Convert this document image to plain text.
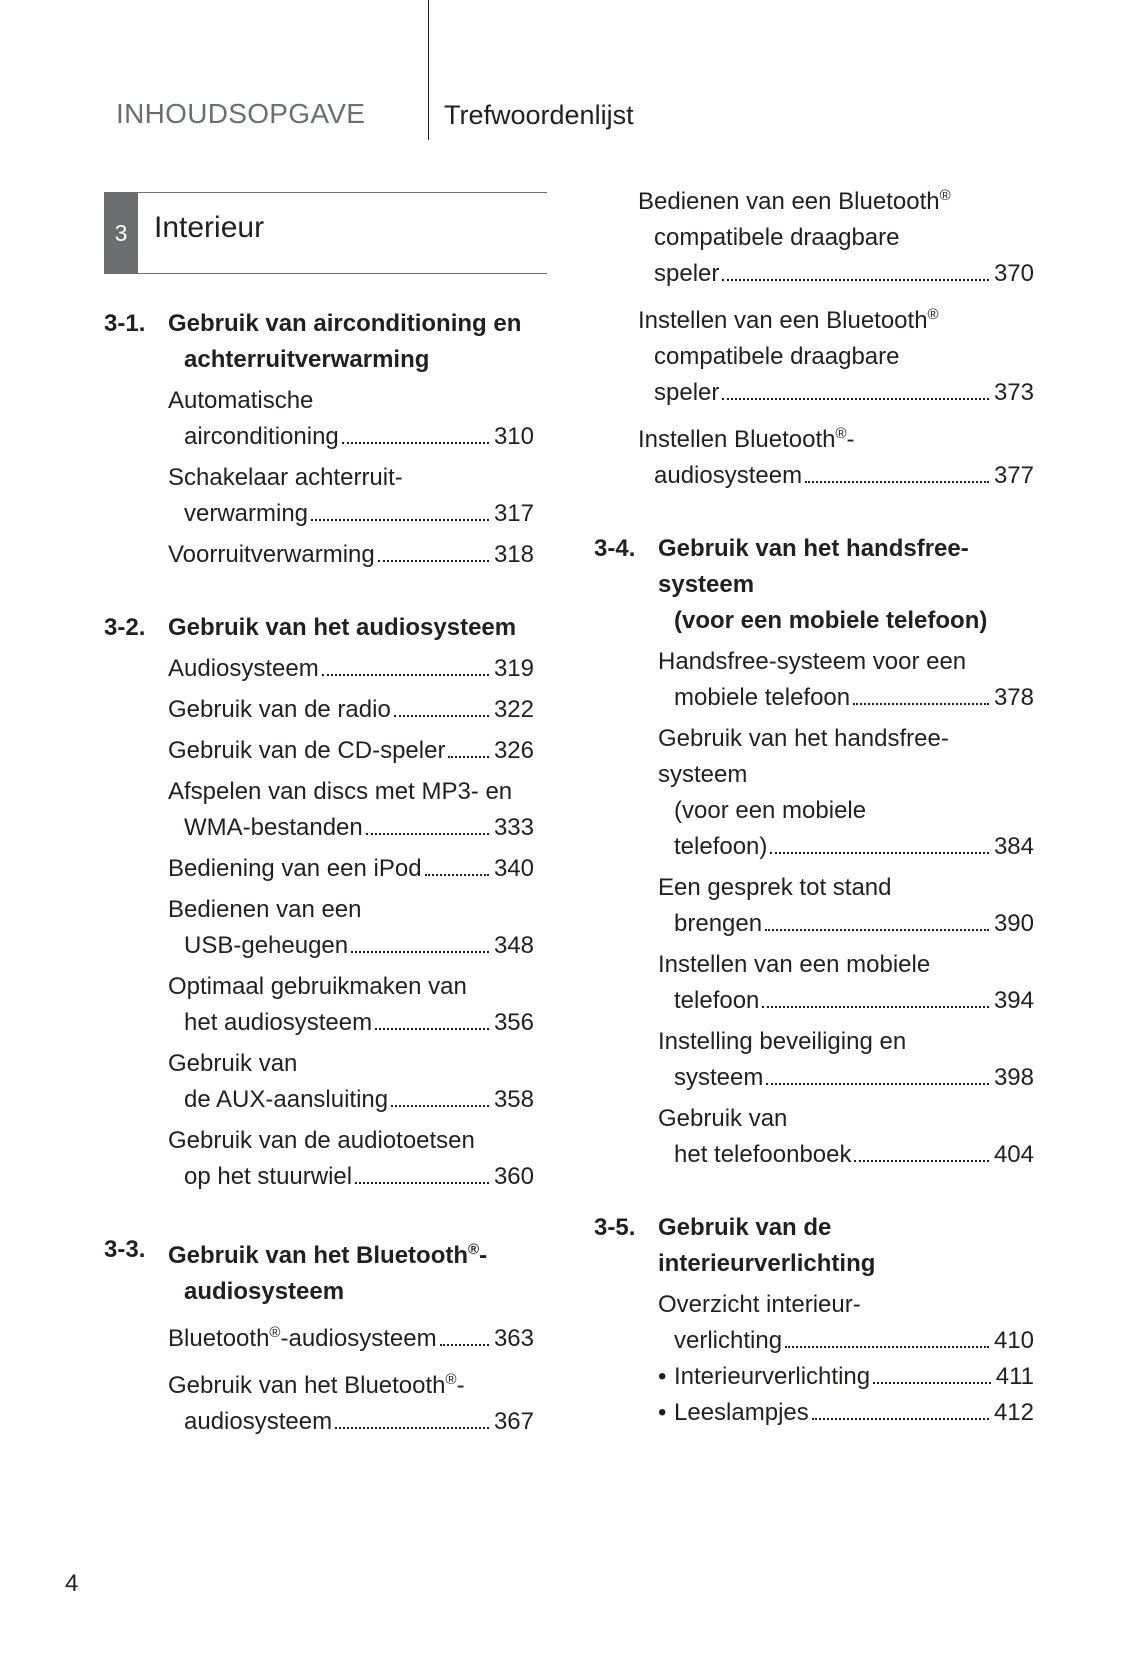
INHOUDSOPGAVE	Trefwoordenlijst
3 Interieur
3-1. Gebruik van airconditioning en
achterruitverwarming
Automatische
airconditioning	310
Schakelaar achterruit-
verwarming	317
Voorruitverwarming	318
3-2. Gebruik van het audiosysteem
Audiosysteem	319
Gebruik van de radio	322
Gebruik van de CD-speler 326
Afspelen van discs met MP3- en
WMA-bestanden	333
Bediening van een iPod	340
Bedienen van een
USB-geheugen	348
Optimaal gebruikmaken van
het audiosysteem	356
Gebruik van
de AUX-aansluiting	358
Gebruik van de audiotoetsen
op het stuurwiel	360
3-3. Gebruik van het Bluetooth®-
audiosysteem
Bluetooth®-audiosysteem 363
Gebruik van het Bluetooth®-
audiosysteem	367
Bedienen van een Bluetooth®
compatibele draagbare
speler	370
Instellen van een Bluetooth®
compatibele draagbare
speler	373
Instellen Bluetooth®-
audiosysteem	377
3-4. Gebruik van het handsfree-systeem
(voor een mobiele telefoon)
Handsfree-systeem voor een
mobiele telefoon	378
Gebruik van het handsfree-systeem
(voor een mobiele
telefoon)	384
Een gesprek tot stand
brengen	390
Instellen van een mobiele
telefoon	394
Instelling beveiliging en
systeem	398
Gebruik van
het telefoonboek	404
3-5. Gebruik van de interieurverlichting
Overzicht interieur-
verlichting	410
• Interieurverlichting	411
• Leeslampjes	412
4
